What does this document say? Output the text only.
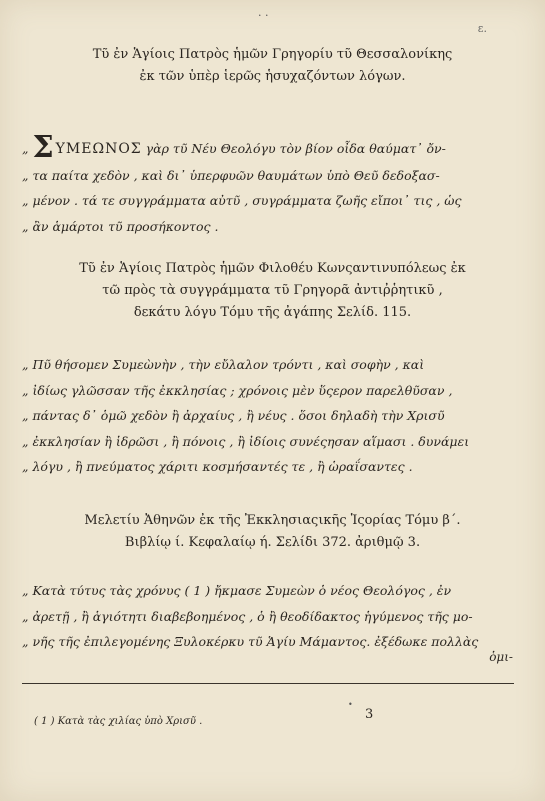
. .
ε.
Τῦ ἐν Ἁγίοις Πατρὸς ἡμῶν Γρηγορίυ τῦ Θεσσαλονίκης
ἐκ τῶν ὑπὲρ ἱερῶς ἡσυχαζόντων λόγων.
„ Σ ΥΜΕΩΝΟΣ γὰρ τῦ Νέυ Θεολόγυ τὸν βίον οἶδα θαύματ᾽ ὄν-
„ τα παίτα χεδὸν , καὶ δι᾽ ὑπερφυῶν θαυμάτων ὑπὸ Θεῦ δεδοξασ-
„ μένον . τά τε συγγράμματα αὐτῦ , συγράμματα ζωῆς εἴποι᾽ τις , ὡς
„ ἂν ἁμάρτοι τῦ προσήκοντος .
Τῦ ἐν Ἁγίοις Πατρὸς ἡμῶν Φιλοθέυ Κωνςαντινυπόλεως ἐκ
τῶ πρὸς τὰ συγγράμματα τῦ Γρηγορᾶ ἀντιῤῥητικῦ ,
δεκάτυ λόγυ Τόμυ τῆς ἀγάπης Σελίδ. 115.
„ Πῦ θήσομεν Συμεὼνὴν , τὴν εὔλαλον τρόντι , καὶ σοφὴν , καὶ
„ ἰδίως γλῶσσαν τῆς ἐκκλησίας ; χρόνοις μὲν ὕςερον παρελθῦσαν ,
„ πάντας δ᾽ ὁμῶ χεδὸν ἢ ἀρχαίυς , ἢ νέυς . ὅσοι δηλαδὴ τὴν Χρισῦ
„ ἐκκλησίαν ἢ ἱδρῶσι , ἢ πόνοις , ἢ ἰδίοις συνέςησαν αἵμασι . δυνάμει
„ λόγυ , ἢ πνεύματος χάριτι κοσμήσαντές τε , ἢ ὡραΐσαντες .
Μελετίυ Ἀθηνῶν ἐκ τῆς Ἐκκλησιαςικῆς Ἱςορίας Τόμυ β΄.
Βιβλίῳ ί. Κεφαλαίῳ ή. Σελίδι 372. ἀριθμῷ 3.
„ Κατὰ τύτυς τὰς χρόνυς ( 1 ) ἤκμασε Συμεὼν ὁ νέος Θεολόγος , ἐν
„ ἀρετῇ , ἢ ἁγιότητι διαβεβοημένος , ὁ ἢ θεοδίδακτος ἡγύμενος τῆς μο-
„ νῆς τῆς ἐπιλεγομένης Ξυλοκέρκυ τῦ Ἁγίυ Μάμαντος. ἐξέδωκε πολλὰς
ὁμι-
( 1 ) Κατὰ τὰς χιλίας ὑπὸ Χρισῦ .
•
3
